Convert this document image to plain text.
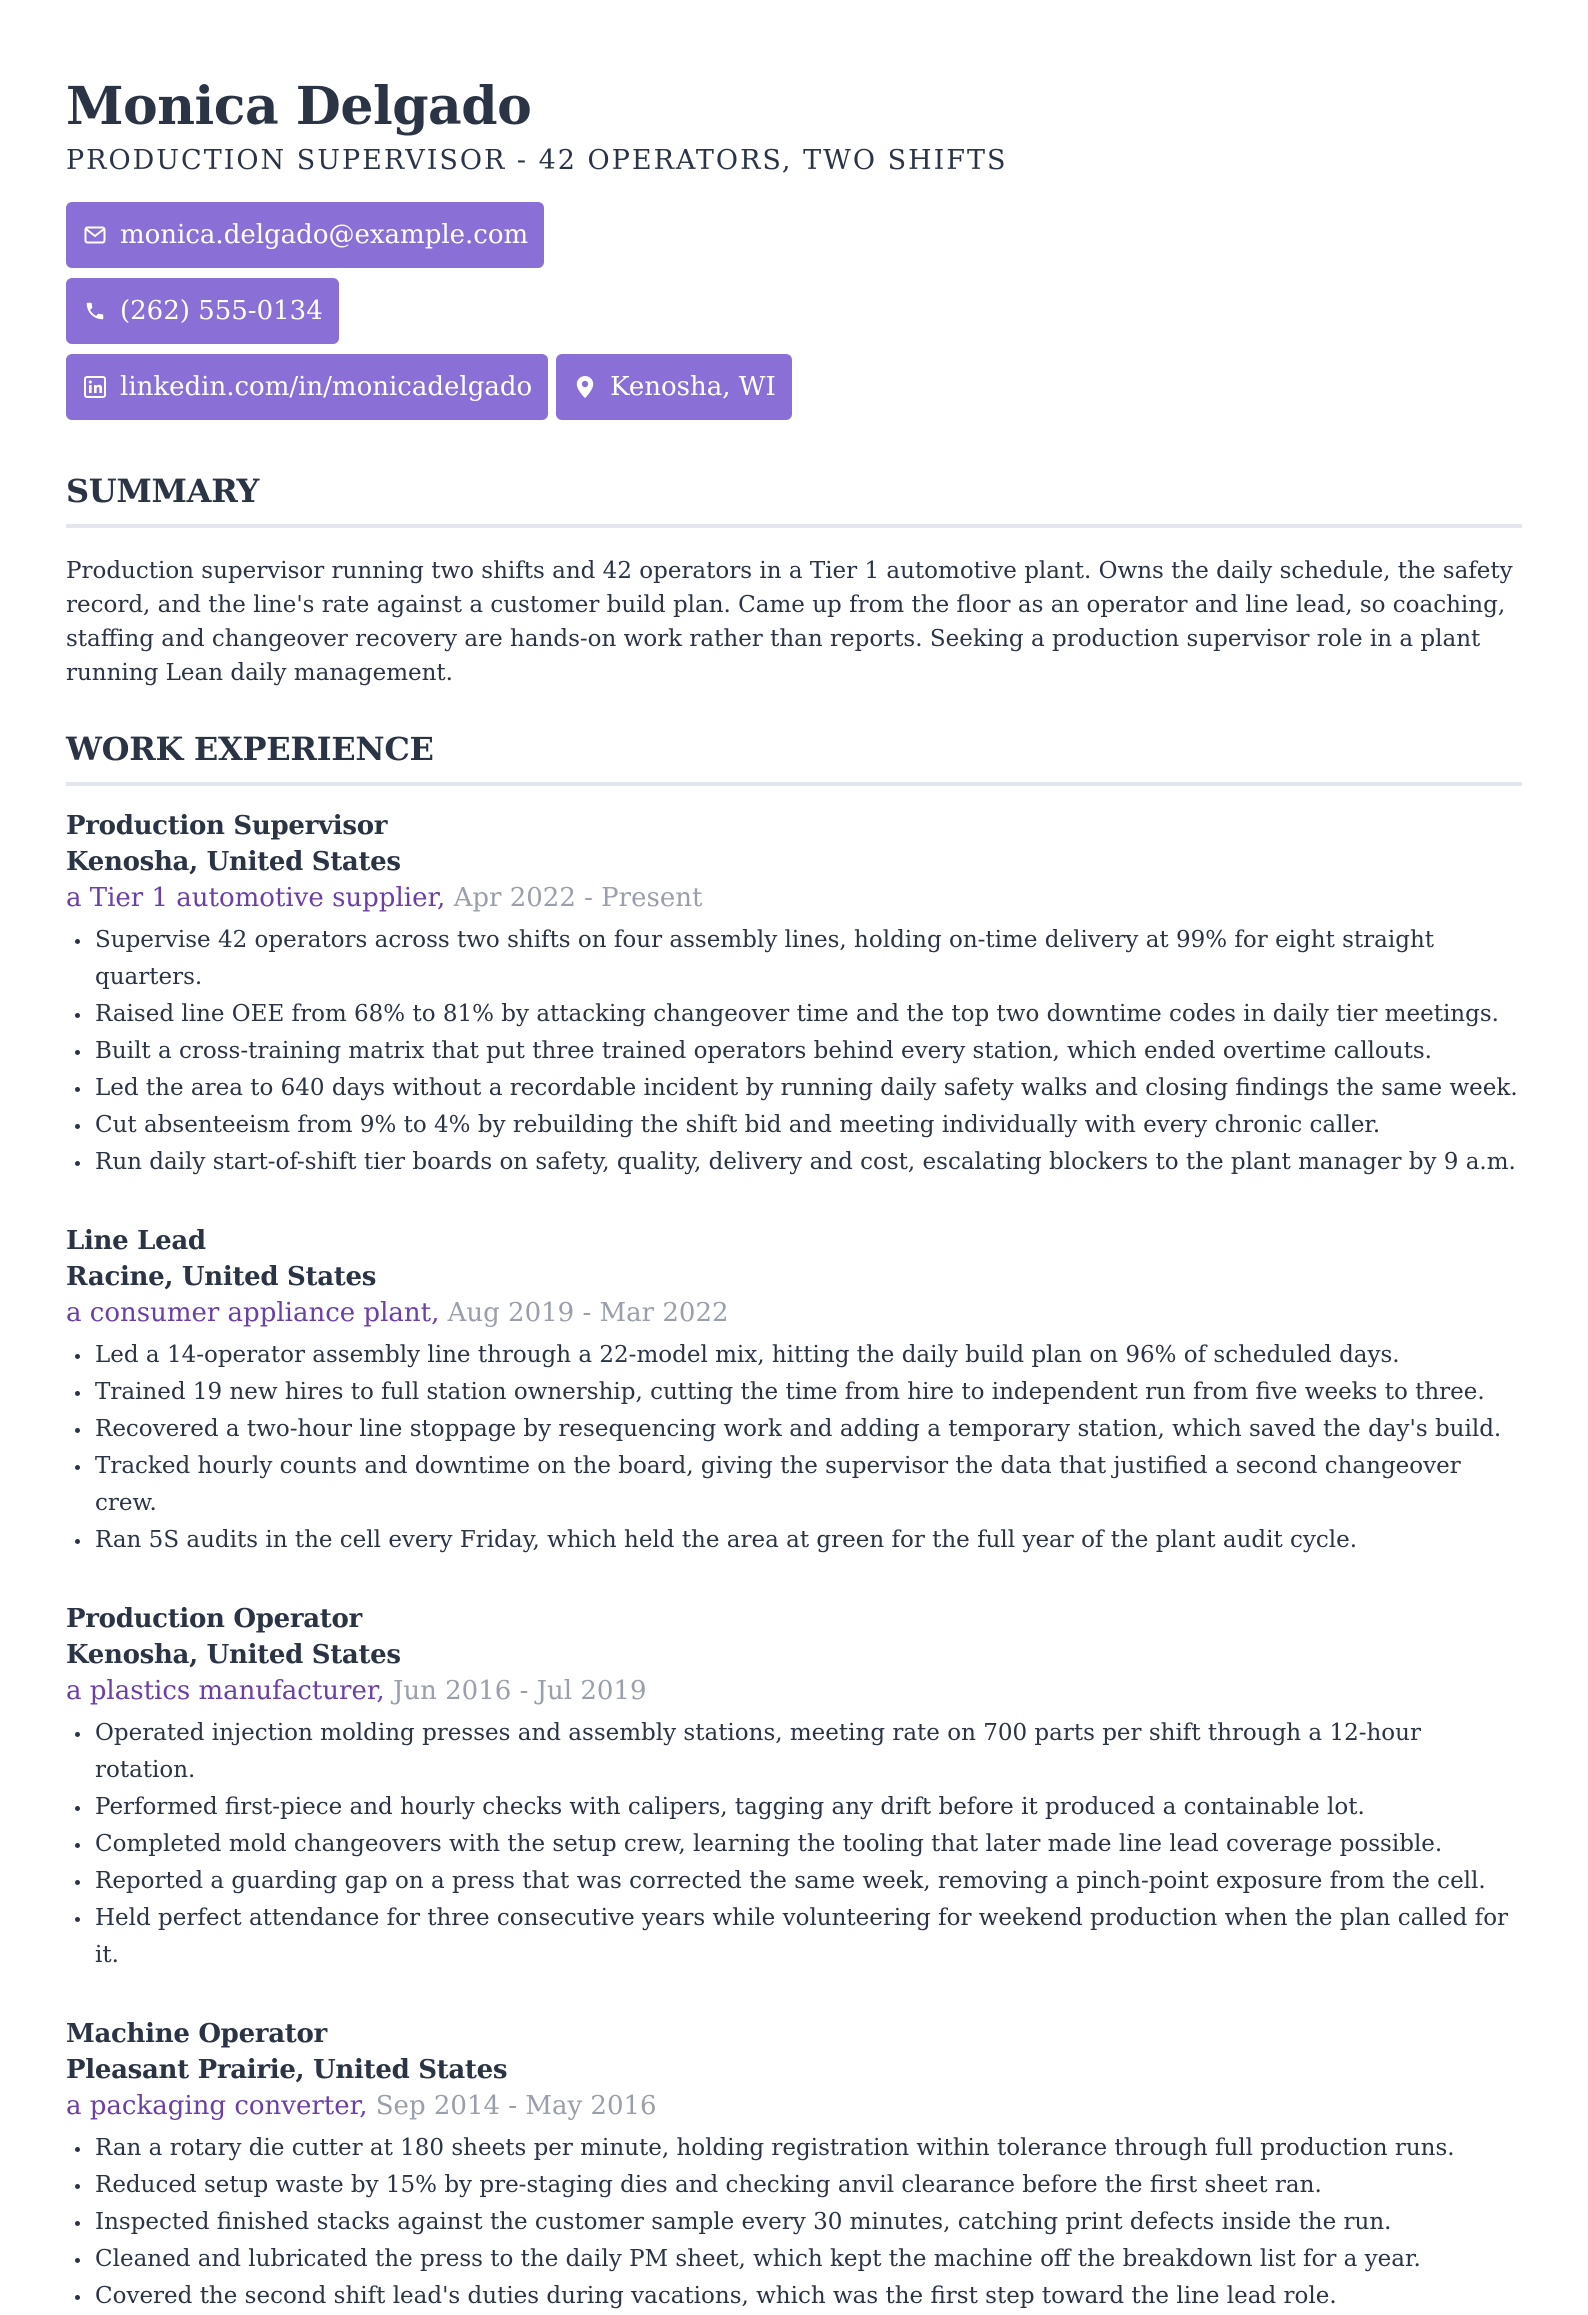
Monica Delgado
PRODUCTION SUPERVISOR - 42 OPERATORS, TWO SHIFTS
monica.delgado@example.com
(262) 555-0134
linkedin.com/in/monicadelgado	Kenosha, WI
SUMMARY

Production supervisor running two shifts and 42 operators in a Tier 1 automotive plant. Owns the daily schedule, the safety record, and the line's rate against a customer build plan. Came up from the floor as an operator and line lead, so coaching, staffing and changeover recovery are hands-on work rather than reports. Seeking a production supervisor role in a plant running Lean daily management.

WORK EXPERIENCE
Production Supervisor
Kenosha, United States
a Tier 1 automotive supplier, Apr 2022 - Present
Supervise 42 operators across two shifts on four assembly lines, holding on-time delivery at 99% for eight straight quarters.
Raised line OEE from 68% to 81% by attacking changeover time and the top two downtime codes in daily tier meetings.
Built a cross-training matrix that put three trained operators behind every station, which ended overtime callouts.
Led the area to 640 days without a recordable incident by running daily safety walks and closing findings the same week.
Cut absenteeism from 9% to 4% by rebuilding the shift bid and meeting individually with every chronic caller.
Run daily start-of-shift tier boards on safety, quality, delivery and cost, escalating blockers to the plant manager by 9 a.m.
Line Lead
Racine, United States
a consumer appliance plant, Aug 2019 - Mar 2022
Led a 14-operator assembly line through a 22-model mix, hitting the daily build plan on 96% of scheduled days.
Trained 19 new hires to full station ownership, cutting the time from hire to independent run from five weeks to three.
Recovered a two-hour line stoppage by resequencing work and adding a temporary station, which saved the day's build.
Tracked hourly counts and downtime on the board, giving the supervisor the data that justified a second changeover crew.
Ran 5S audits in the cell every Friday, which held the area at green for the full year of the plant audit cycle.
Production Operator
Kenosha, United States
a plastics manufacturer, Jun 2016 - Jul 2019
Operated injection molding presses and assembly stations, meeting rate on 700 parts per shift through a 12-hour rotation.
Performed first-piece and hourly checks with calipers, tagging any drift before it produced a containable lot.
Completed mold changeovers with the setup crew, learning the tooling that later made line lead coverage possible.
Reported a guarding gap on a press that was corrected the same week, removing a pinch-point exposure from the cell.
Held perfect attendance for three consecutive years while volunteering for weekend production when the plan called for it.
Machine Operator
Pleasant Prairie, United States
a packaging converter, Sep 2014 - May 2016
Ran a rotary die cutter at 180 sheets per minute, holding registration within tolerance through full production runs.
Reduced setup waste by 15% by pre-staging dies and checking anvil clearance before the first sheet ran.
Inspected finished stacks against the customer sample every 30 minutes, catching print defects inside the run.
Cleaned and lubricated the press to the daily PM sheet, which kept the machine off the breakdown list for a year.
Covered the second shift lead's duties during vacations, which was the first step toward the line lead role.
